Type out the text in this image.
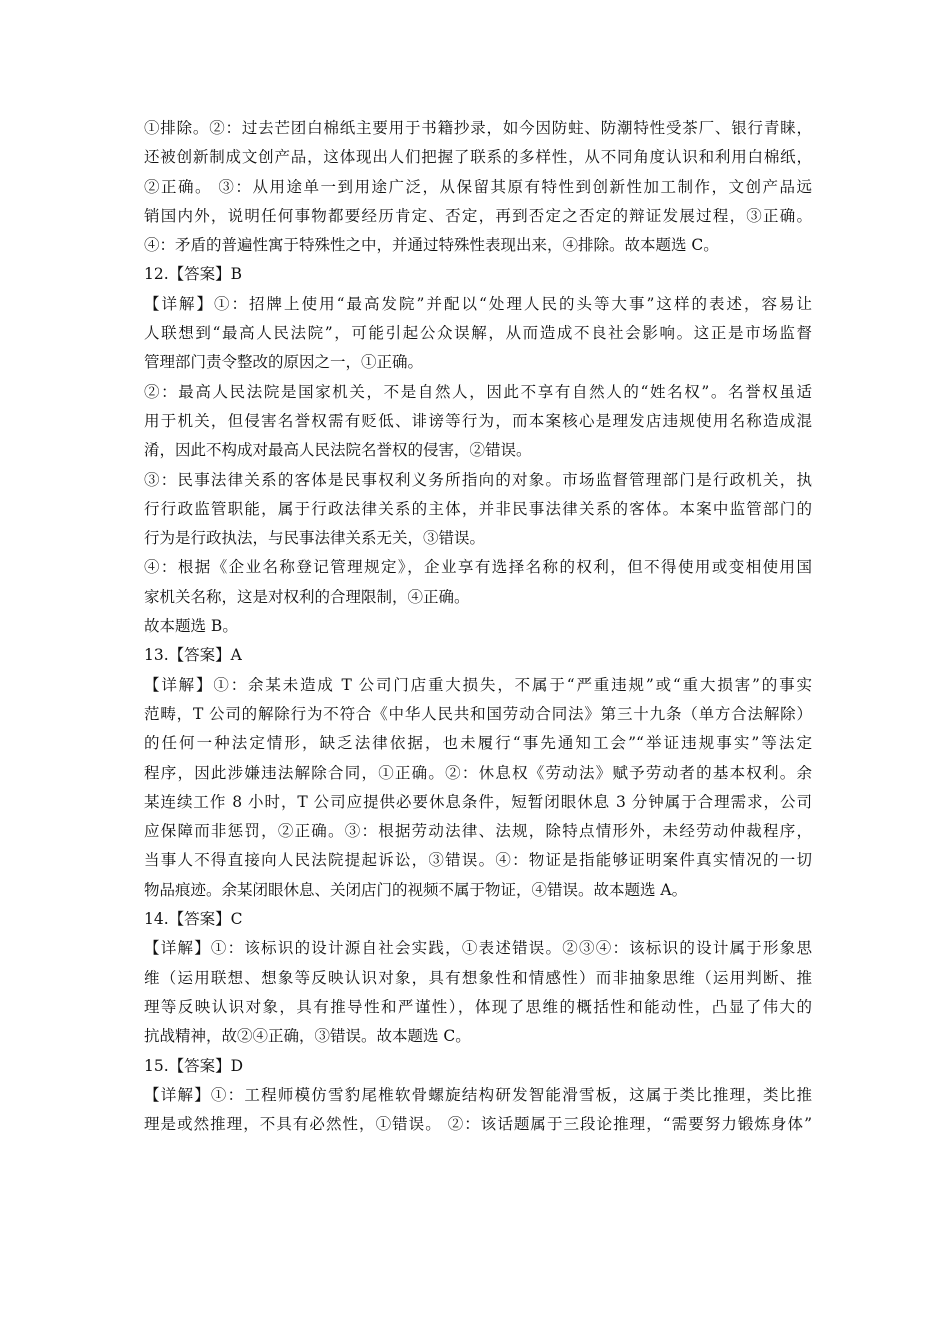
①排除。②：过去芒团白棉纸主要用于书籍抄录，如今因防蛀、防潮特性受茶厂、银行青睐，
还被创新制成文创产品，这体现出人们把握了联系的多样性，从不同角度认识和利用白棉纸，
②正确。 ③：从用途单一到用途广泛，从保留其原有特性到创新性加工制作，文创产品远
销国内外，说明任何事物都要经历肯定、否定，再到否定之否定的辩证发展过程，③正确。
④：矛盾的普遍性寓于特殊性之中，并通过特殊性表现出来，④排除。故本题选 C。
12.【答案】B
【详解】①：招牌上使用“最高发院”并配以“处理人民的头等大事”这样的表述，容易让
人联想到“最高人民法院”，可能引起公众误解，从而造成不良社会影响。这正是市场监督
管理部门责令整改的原因之一，①正确。
②：最高人民法院是国家机关，不是自然人，因此不享有自然人的“姓名权”。名誉权虽适
用于机关，但侵害名誉权需有贬低、诽谤等行为，而本案核心是理发店违规使用名称造成混
淆，因此不构成对最高人民法院名誉权的侵害，②错误。
③：民事法律关系的客体是民事权利义务所指向的对象。市场监督管理部门是行政机关，执
行行政监管职能，属于行政法律关系的主体，并非民事法律关系的客体。本案中监管部门的
行为是行政执法，与民事法律关系无关，③错误。
④：根据《企业名称登记管理规定》，企业享有选择名称的权利，但不得使用或变相使用国
家机关名称，这是对权利的合理限制，④正确。
故本题选 B。
13.【答案】A
【详解】①：余某未造成 T 公司门店重大损失，不属于“严重违规”或“重大损害”的事实
范畴，T 公司的解除行为不符合《中华人民共和国劳动合同法》第三十九条（单方合法解除）
的任何一种法定情形，缺乏法律依据，也未履行“事先通知工会”“举证违规事实”等法定
程序，因此涉嫌违法解除合同，①正确。②：休息权《劳动法》赋予劳动者的基本权利。余
某连续工作 8 小时，T 公司应提供必要休息条件，短暂闭眼休息 3 分钟属于合理需求，公司
应保障而非惩罚，②正确。③：根据劳动法律、法规，除特点情形外，未经劳动仲裁程序，
当事人不得直接向人民法院提起诉讼，③错误。④：物证是指能够证明案件真实情况的一切
物品痕迹。余某闭眼休息、关闭店门的视频不属于物证，④错误。故本题选 A。
14.【答案】C
【详解】①：该标识的设计源自社会实践，①表述错误。②③④：该标识的设计属于形象思
维（运用联想、想象等反映认识对象，具有想象性和情感性）而非抽象思维（运用判断、推
理等反映认识对象，具有推导性和严谨性），体现了思维的概括性和能动性，凸显了伟大的
抗战精神，故②④正确，③错误。故本题选 C。
15.【答案】D
【详解】①：工程师模仿雪豹尾椎软骨螺旋结构研发智能滑雪板，这属于类比推理，类比推
理是或然推理，不具有必然性，①错误。 ②：该话题属于三段论推理，“需要努力锻炼身体”
